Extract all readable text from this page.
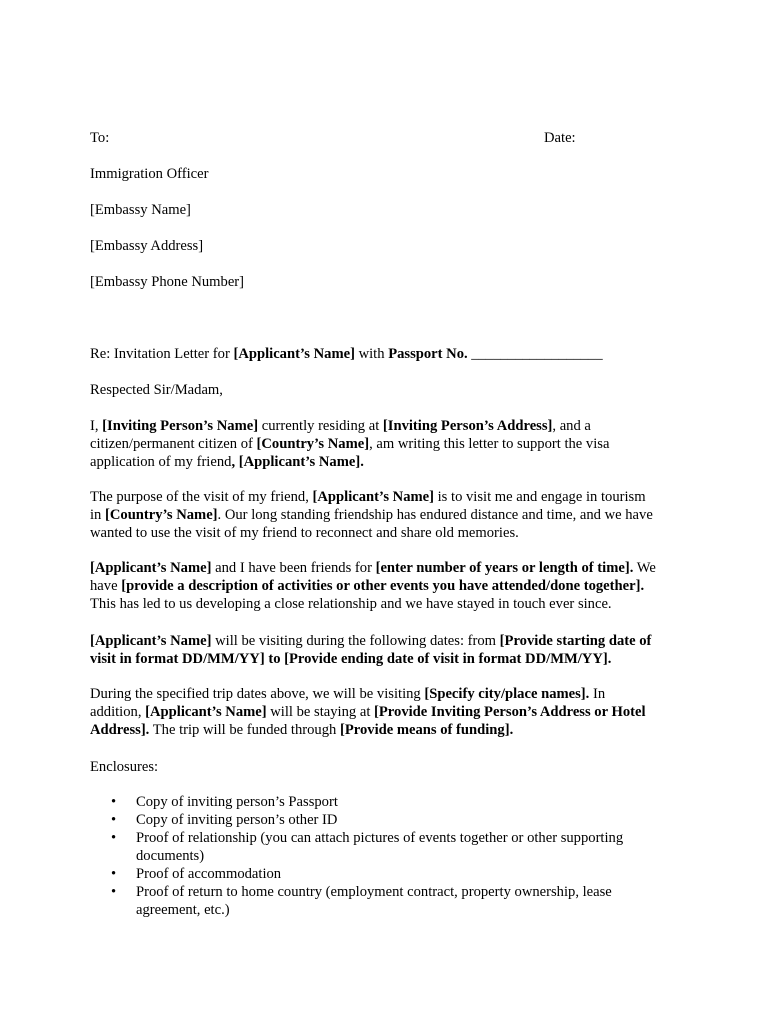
To:	Date:
Immigration Officer
[Embassy Name]
[Embassy Address]
[Embassy Phone Number]
Re: Invitation Letter for [Applicant’s Name] with Passport No. __________________
Respected Sir/Madam,
I, [Inviting Person’s Name] currently residing at [Inviting Person’s Address], and a
citizen/permanent citizen of [Country’s Name], am writing this letter to support the visa
application of my friend, [Applicant’s Name].
The purpose of the visit of my friend, [Applicant’s Name] is to visit me and engage in tourism
in [Country’s Name]. Our long standing friendship has endured distance and time, and we have
wanted to use the visit of my friend to reconnect and share old memories.
[Applicant’s Name] and I have been friends for [enter number of years or length of time]. We
have [provide a description of activities or other events you have attended/done together].
This has led to us developing a close relationship and we have stayed in touch ever since.
[Applicant’s Name] will be visiting during the following dates: from [Provide starting date of
visit in format DD/MM/YY] to [Provide ending date of visit in format DD/MM/YY].
During the specified trip dates above, we will be visiting [Specify city/place names]. In
addition, [Applicant’s Name] will be staying at [Provide Inviting Person’s Address or Hotel
Address]. The trip will be funded through [Provide means of funding].
Enclosures:
• Copy of inviting person’s Passport
• Copy of inviting person’s other ID
• Proof of relationship (you can attach pictures of events together or other supporting
documents)
• Proof of accommodation
• Proof of return to home country (employment contract, property ownership, lease
agreement, etc.)
